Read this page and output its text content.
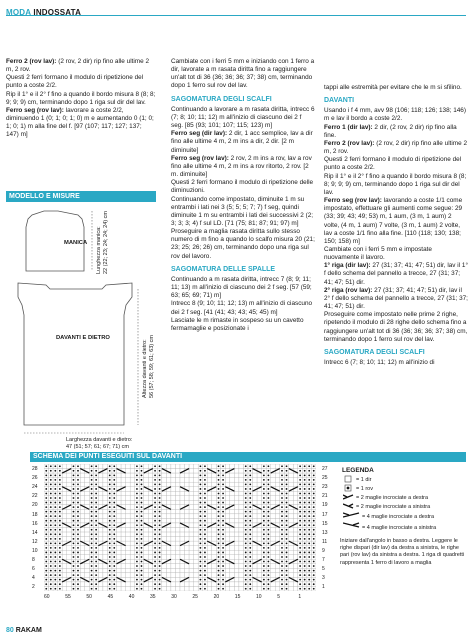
MODA INDOSSATA

Ferro 2 (rov lav): (2 rov, 2 dir) rip fino alle ultime 2 m, 2 rov.

Questi 2 ferri formano il modulo di ripetizione del punto a coste 2/2.

Rip il 1° e il 2° f fino a quando il bordo misura 8 (8; 8; 9; 9; 9) cm, terminando dopo 1 riga sul dir del lav.

Ferro seg (rov lav): lavorare a coste 2/2, diminuendo 1 (0; 1; 0; 1; 0) m e aumentando 0 (1; 0; 1; 0; 1) m alla fine del f. [97 (107; 117; 127; 137; 147) m]

MODELLO E MISURE
MANICA
DAVANTI E DIETRO
Lunghezza manica: 22 (22; 23; 24; 24; 24) cm
Altezza davanti e dietro: 56 (57; 58; 59; 61; 63) cm
Larghezza davanti e dietro:
47 (51; 57; 61; 67; 71) cm

Cambiate con i ferri 5 mm e iniziando con 1 ferro a dir, lavorate a m rasata diritta fino a raggiungere un'alt tot di 36 (36; 36; 36; 37; 38) cm, terminando dopo 1 ferro sul rov del lav.

SAGOMATURA DEGLI SCALFI

Continuando a lavorare a m rasata diritta, intrecc 6 (7; 8; 10; 11; 12) m all'inizio di ciascuno dei 2 f seg. [85 (93; 101; 107; 115; 123) m]

Ferro seg (dir lav): 2 dir, 1 acc semplice, lav a dir fino alle ultime 4 m, 2 m ins a dir, 2 dir. [2 m diminuite]

Ferro seg (rov lav): 2 rov, 2 m ins a rov, lav a rov fino alle ultime 4 m, 2 m ins a rov ritorto, 2 rov. [2 m. diminuite]

Questi 2 ferri formano il modulo di ripetizione delle diminuzioni.

Continuando come impostato, diminuite 1 m su entrambi i lati nei 3 (5; 5; 5; 7; 7) f seg, quindi diminuite 1 m su entrambi i lati dei successivi 2 (2; 3; 3; 3; 4) f sul LD. [71 (75; 81; 87; 91; 97) m]

Proseguire a maglia rasata diritta sullo stesso numero di m fino a quando lo scalfo misura 20 (21; 23; 25; 26; 26) cm, terminando dopo una riga sul rov del lavoro.

SAGOMATURA DELLE SPALLE

Continuando a m rasata diritta, intrecc 7 (8; 9; 11; 11; 13) m all'inizio di ciascuno dei 2 f seg. [57 (59; 63; 65; 69; 71) m]

Intrecc 8 (9; 10; 11; 12; 13) m all'inizio di ciascuno dei 2 f seg. [41 (41; 43; 43; 45; 45) m]

Lasciate le m rimaste in sospeso su un cavetto fermamaglie e posizionate i

tappi alle estremità per evitare che le m si sfilino.

DAVANTI

Usando i f 4 mm, avv 98 (106; 118; 126; 138; 146) m e lav il bordo a coste 2/2.

Ferro 1 (dir lav): 2 dir, (2 rov, 2 dir) rip fino alla fine.

Ferro 2 (rov lav): (2 rov, 2 dir) rip fino alle ultime 2 m, 2 rov.

Questi 2 ferri formano il modulo di ripetizione del punto a coste 2/2.

Rip il 1° e il 2° f fino a quando il bordo misura 8 (8; 8; 9; 9; 9) cm, terminando dopo 1 riga sul dir del lav.

Ferro seg (rov lav): lavorando a coste 1/1 come impostato, effettuare gli aumenti come segue: 29 (33; 39; 43; 49; 53) m, 1 aum, (3 m, 1 aum) 2 volte, (4 m, 1 aum) 7 volte, (3 m, 1 aum) 2 volte, lav a coste 1/1 fino alla fine. [110 (118; 130; 138; 150; 158) m]

Cambiate con i ferri 5 mm e impostate nuovamente il lavoro.

1° riga (dir lav): 27 (31; 37; 41; 47; 51) dir, lav il 1° f dello schema del pannello a trecce, 27 (31; 37; 41; 47; 51) dir.

2° riga (rov lav): 27 (31; 37; 41; 47; 51) dir, lav il 2° f dello schema del pannello a trecce, 27 (31; 37; 41; 47; 51) dir.

Proseguire come impostato nelle prime 2 righe, ripetendo il modulo di 28 righe dello schema fino a raggiungere un'alt tot di 36 (36; 36; 36; 37; 38) cm, terminando dopo 1 ferro sul rov del lav.

SAGOMATURA DEGLI SCALFI

Intrecc 6 (7; 8; 10; 11; 12) m all'inizio di

SCHEMA DEI PUNTI ESEGUITI SUL DAVANTI
28
26
24
22
20
18
16
14
12
10
8
6
4
2
27
25
23
21
19
17
15
13
11
9
7
5
3
1
60	55	50	45	40	35	30	25	20	15	10	5	1
LEGENDA
= 1 dir
= 1 rov
= 2 maglie incrociate a destra
= 2 maglie incrociate a sinistra
= 4 maglie incrociate a destra
= 4 maglie incrociate a sinistra
Iniziare dall'angolo in basso a destra. Leggere le righe dispari (dir lav) da destra a sinistra, le righe pari (rov lav) da sinistra a destra. 1 riga di quadretti rappresenta 1 ferro di lavoro a maglia
80 RAKAM
